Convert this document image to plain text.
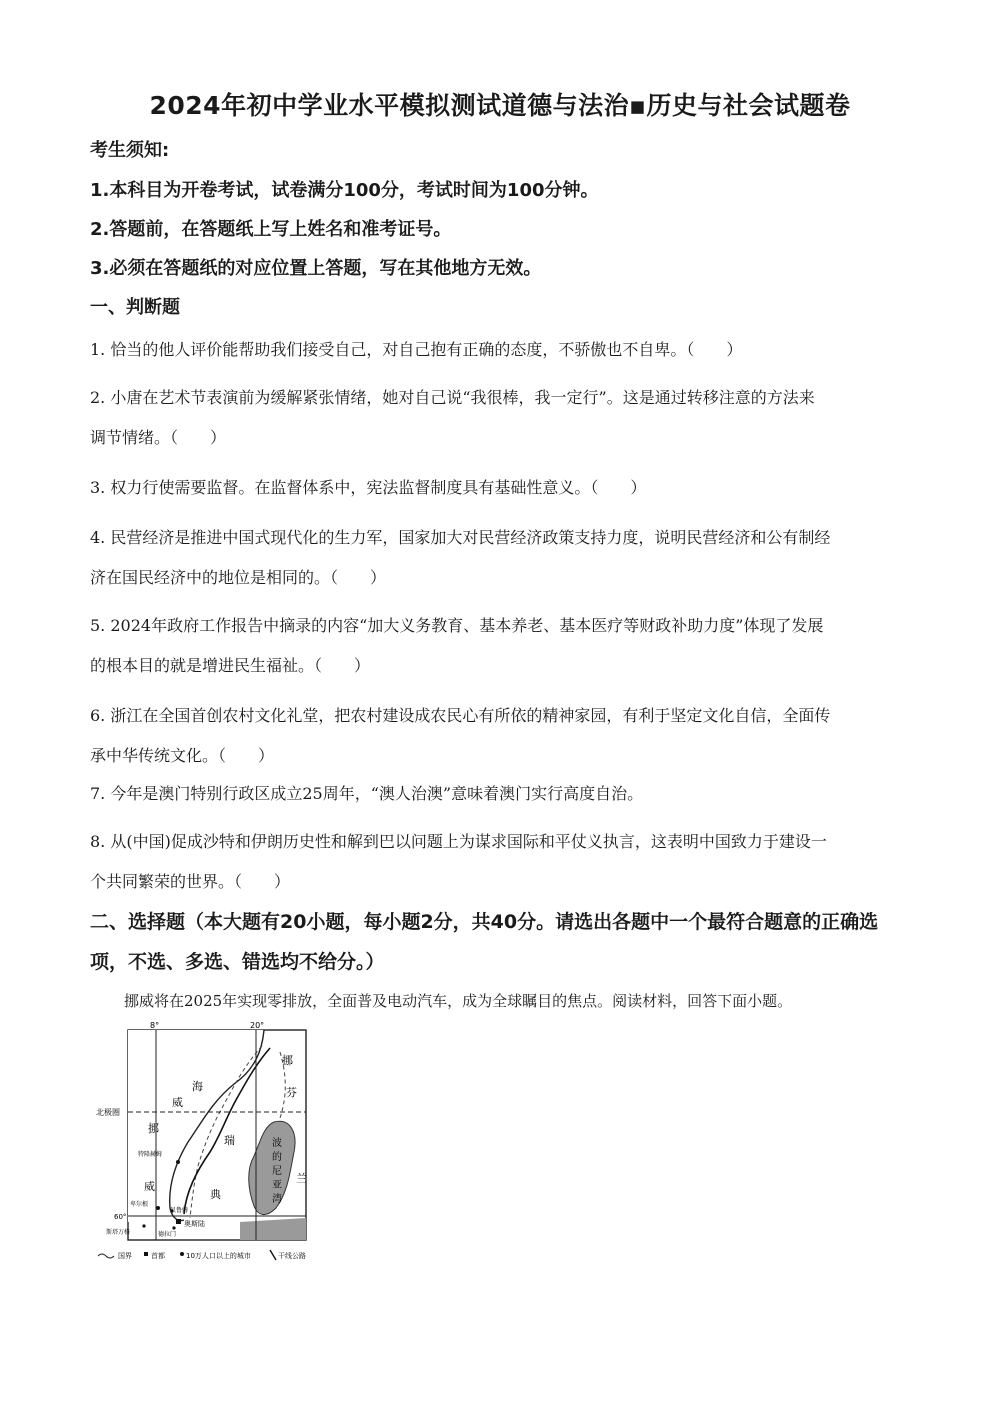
2024年初中学业水平模拟测试道德与法治▪历史与社会试题卷
考生须知:
1.本科目为开卷考试，试卷满分100分，考试时间为100分钟。
2.答题前，在答题纸上写上姓名和准考证号。
3.必须在答题纸的对应位置上答题，写在其他地方无效。
一、判断题
1. 恰当的他人评价能帮助我们接受自己，对自己抱有正确的态度，不骄傲也不自卑。（　　）
2. 小唐在艺术节表演前为缓解紧张情绪，她对自己说“我很棒，我一定行”。这是通过转移注意的方法来
调节情绪。（　　）
3. 权力行使需要监督。在监督体系中，宪法监督制度具有基础性意义。（　　）
4. 民营经济是推进中国式现代化的生力军，国家加大对民营经济政策支持力度，说明民营经济和公有制经
济在国民经济中的地位是相同的。（　　）
5. 2024年政府工作报告中摘录的内容“加大义务教育、基本养老、基本医疗等财政补助力度”体现了发展
的根本目的就是增进民生福祉。（　　）
6. 浙江在全国首创农村文化礼堂，把农村建设成农民心有所依的精神家园，有利于坚定文化自信，全面传
承中华传统文化。（　　）
7. 今年是澳门特别行政区成立25周年，“澳人治澳”意味着澳门实行高度自治。
8. 从(中国)促成沙特和伊朗历史性和解到巴以问题上为谋求国际和平仗义执言，这表明中国致力于建设一
个共同繁荣的世界。（　　）
二、选择题（本大题有20小题，每小题2分，共40分。请选出各题中一个最符合题意的正确选项，不选、多选、错选均不给分。）
挪威将在2025年实现零排放，全面普及电动汽车，成为全球瞩目的焦点。阅读材料，回答下面小题。
8°	20°
北极圈
60°
海
威
挪
瑞
典
威
挪
芬
兰
波
的
尼
亚
湾
特隆赫姆
卑尔根
奥斯陆
贝鲁姆
斯塔万格	德拉门
国界	首都	10万人口以上的城市	干线公路
